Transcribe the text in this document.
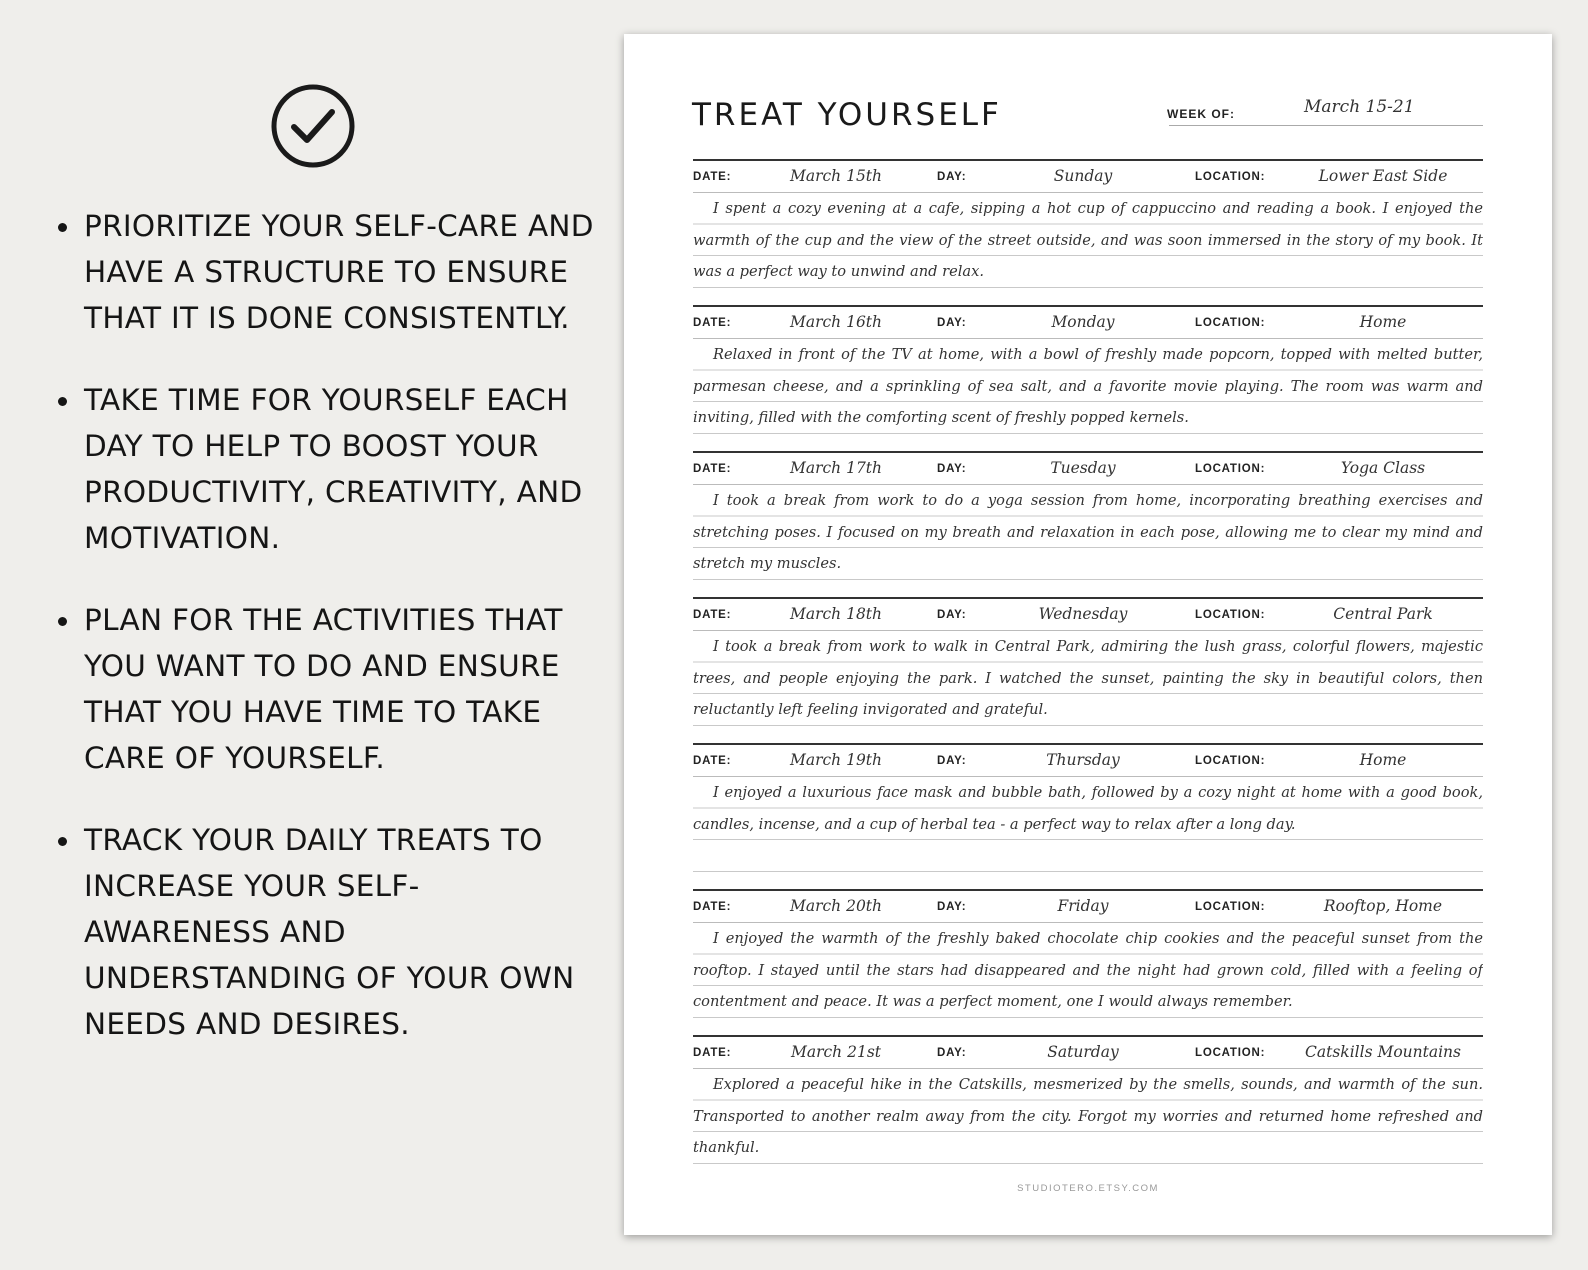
PRIORITIZE YOUR SELF-CARE AND HAVE A STRUCTURE TO ENSURE THAT IT IS DONE CONSISTENTLY.
TAKE TIME FOR YOURSELF EACH DAY TO HELP TO BOOST YOUR PRODUCTIVITY, CREATIVITY, AND MOTIVATION.
PLAN FOR THE ACTIVITIES THAT YOU WANT TO DO AND ENSURE THAT YOU HAVE TIME TO TAKE CARE OF YOURSELF.
TRACK YOUR DAILY TREATS TO INCREASE YOUR SELF-AWARENESS AND UNDERSTANDING OF YOUR OWN NEEDS AND DESIRES.
TREAT YOURSELF	WEEK OF:	March 15-21
DATE:	March 15th	DAY:	Sunday	LOCATION:	Lower East Side
I spent a cozy evening at a cafe, sipping a hot cup of cappuccino and reading a book. I enjoyed the warmth of the cup and the view of the street outside, and was soon immersed in the story of my book. It was a perfect way to unwind and relax.
DATE:	March 16th	DAY:	Monday	LOCATION:	Home
Relaxed in front of the TV at home, with a bowl of freshly made popcorn, topped with melted butter, parmesan cheese, and a sprinkling of sea salt, and a favorite movie playing. The room was warm and inviting, filled with the comforting scent of freshly popped kernels.
DATE:	March 17th	DAY:	Tuesday	LOCATION:	Yoga Class
I took a break from work to do a yoga session from home, incorporating breathing exercises and stretching poses. I focused on my breath and relaxation in each pose, allowing me to clear my mind and stretch my muscles.
DATE:	March 18th	DAY:	Wednesday	LOCATION:	Central Park
I took a break from work to walk in Central Park, admiring the lush grass, colorful flowers, majestic trees, and people enjoying the park. I watched the sunset, painting the sky in beautiful colors, then reluctantly left feeling invigorated and grateful.
DATE:	March 19th	DAY:	Thursday	LOCATION:	Home
I enjoyed a luxurious face mask and bubble bath, followed by a cozy night at home with a good book, candles, incense, and a cup of herbal tea - a perfect way to relax after a long day.
DATE:	March 20th	DAY:	Friday	LOCATION:	Rooftop, Home
I enjoyed the warmth of the freshly baked chocolate chip cookies and the peaceful sunset from the rooftop. I stayed until the stars had disappeared and the night had grown cold, filled with a feeling of contentment and peace. It was a perfect moment, one I would always remember.
DATE:	March 21st	DAY:	Saturday	LOCATION:	Catskills Mountains
Explored a peaceful hike in the Catskills, mesmerized by the smells, sounds, and warmth of the sun. Transported to another realm away from the city. Forgot my worries and returned home refreshed and thankful.
STUDIOTERO.ETSY.COM
